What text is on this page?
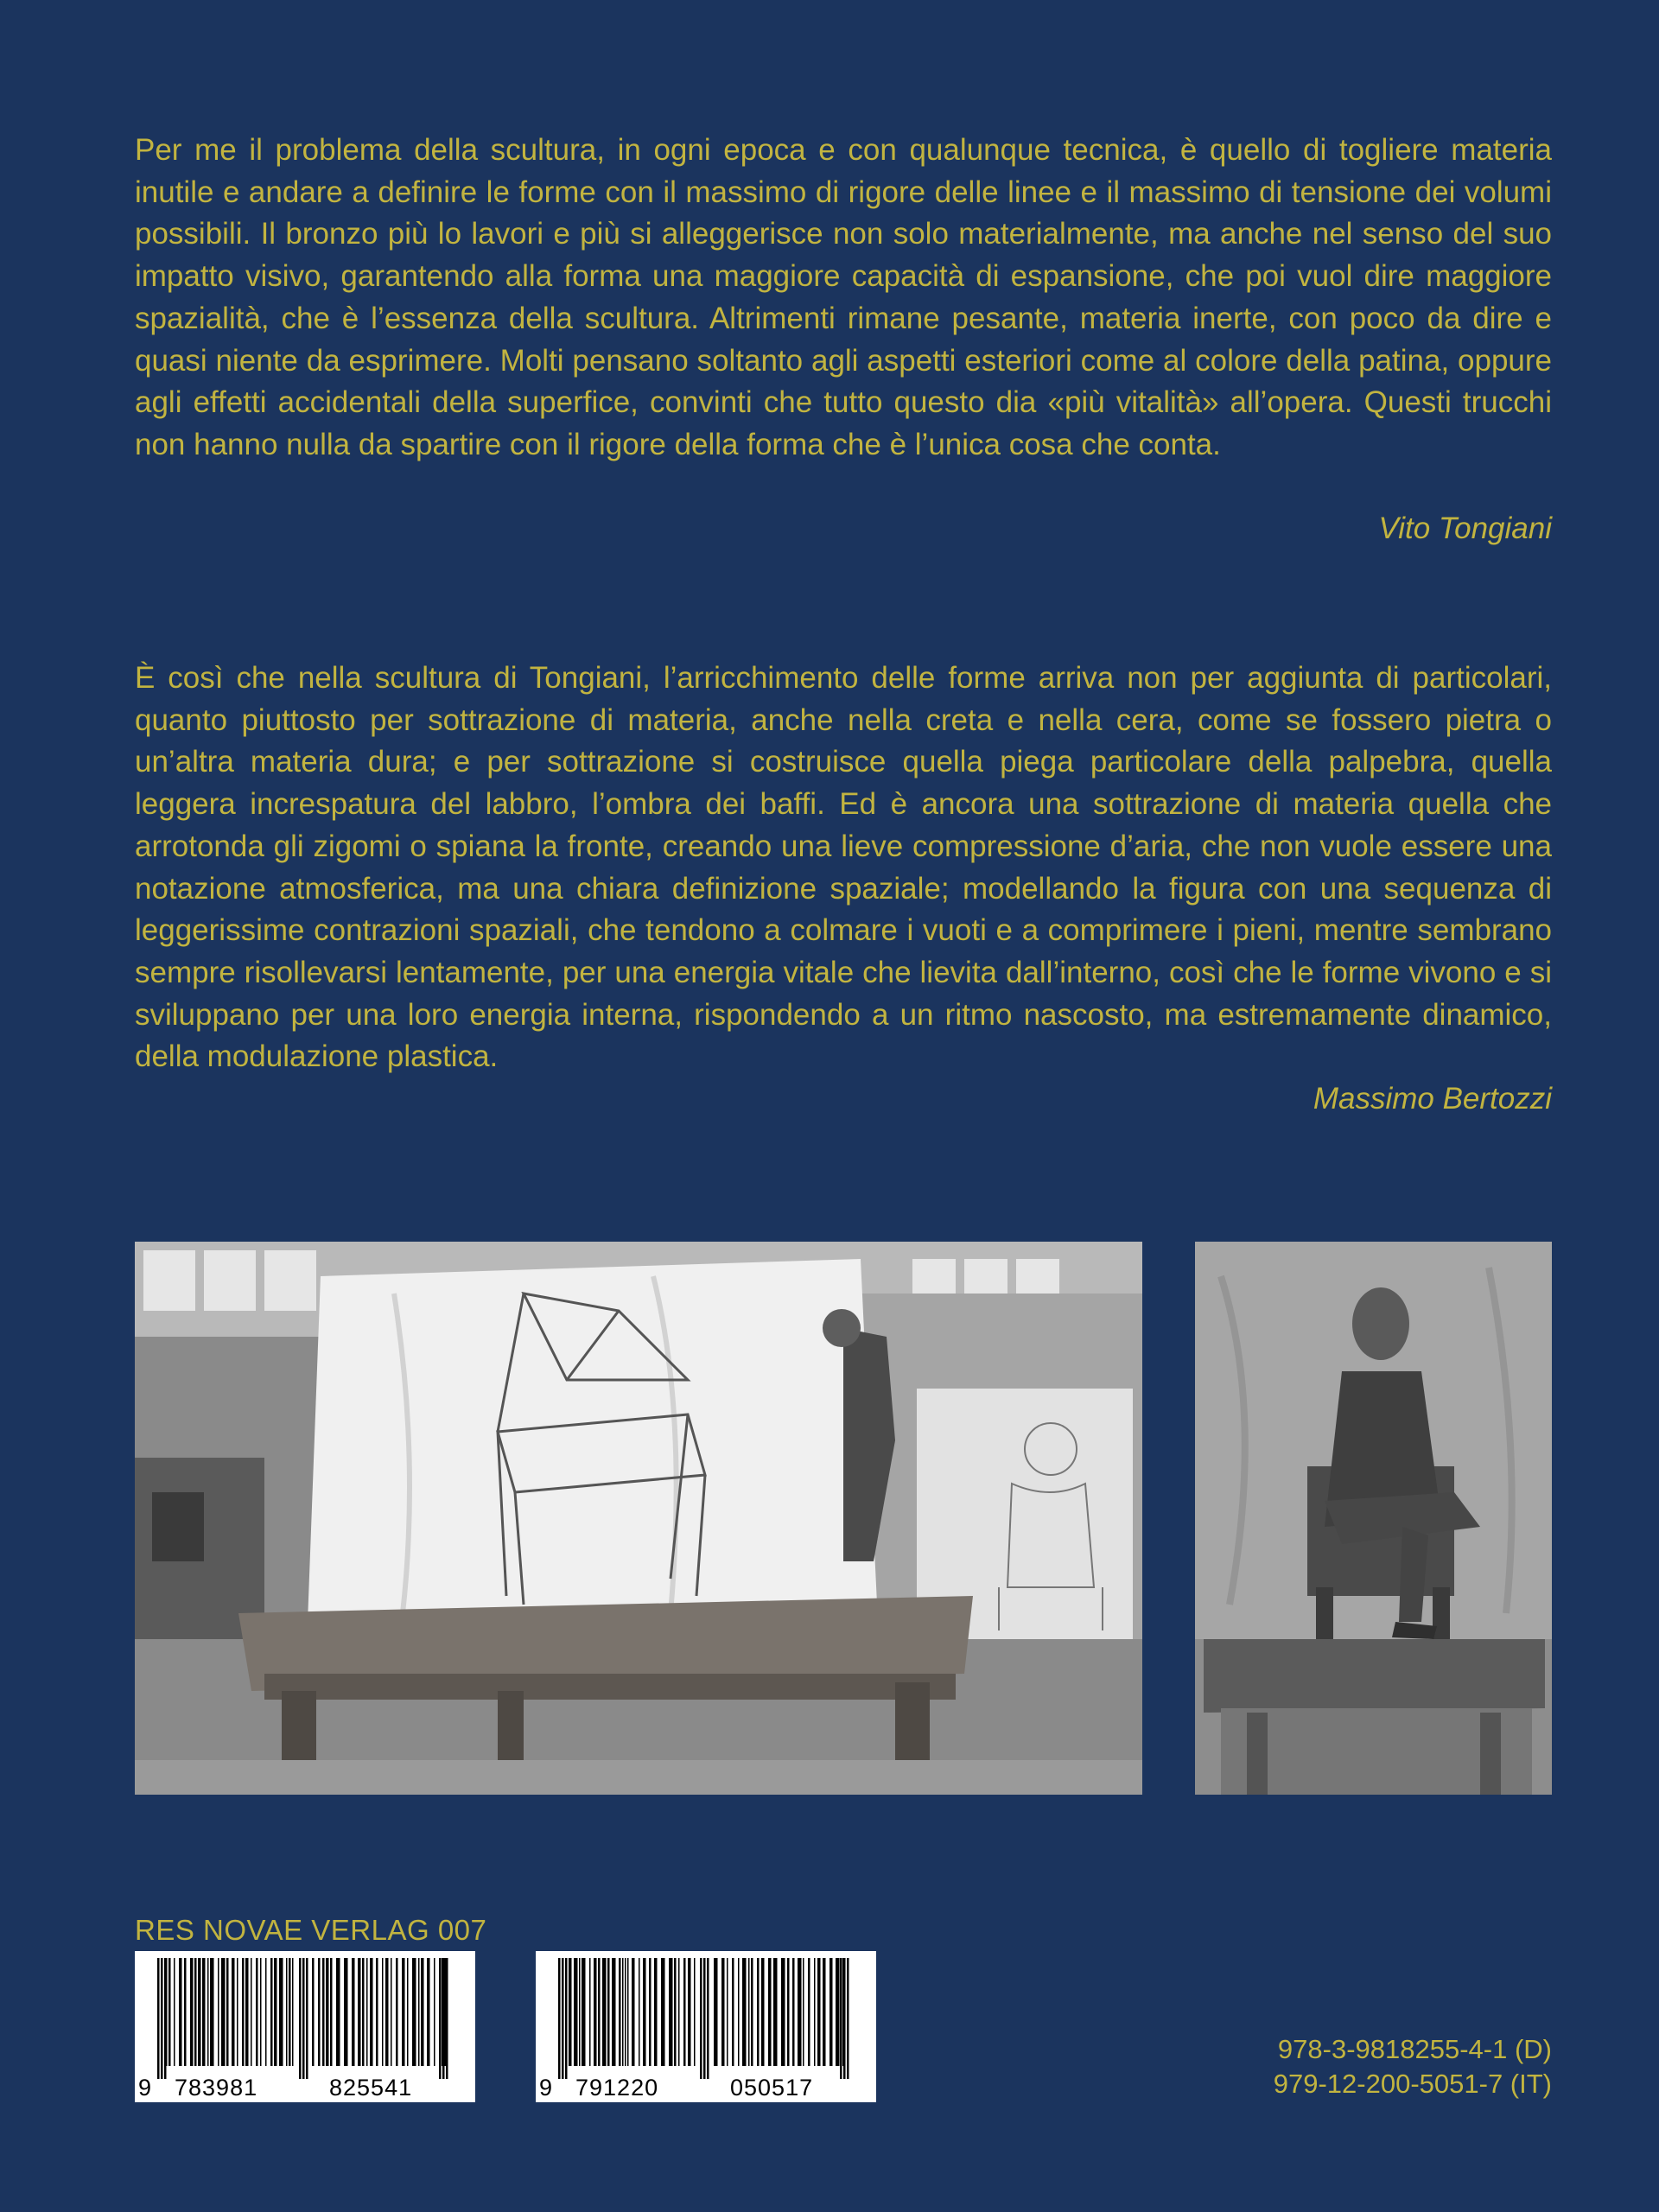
Per me il problema della scultura, in ogni epoca e con qualunque tecnica, è quello di togliere materia inutile e andare a definire le forme con il massimo di rigore delle linee e il massimo di tensione dei volumi possibili. Il bronzo più lo lavori e più si alleggerisce non solo materialmente, ma anche nel senso del suo impatto visivo, garantendo alla forma una maggiore capacità di espansione, che poi vuol dire maggiore spazialità, che è l’essenza della scultura. Altrimenti rimane pesante, materia inerte, con poco da dire e quasi niente da esprimere. Molti pensano soltanto agli aspetti esteriori come al colore della patina, oppure agli effetti accidentali della superfice, convinti che tutto questo dia «più vitalità» all’opera. Questi trucchi non hanno nulla da spartire con il rigore della forma che è l’unica cosa che conta.

Vito Tongiani

È così che nella scultura di Tongiani, l’arricchimento delle forme arriva non per aggiunta di particolari, quanto piuttosto per sottrazione di materia, anche nella creta e nella cera, come se fossero pietra o un’altra materia dura; e per sottrazione si costruisce quella piega particolare della palpebra, quella leggera increspatura del labbro, l’ombra dei baffi. Ed è ancora una sottrazione di materia quella che arrotonda gli zigomi o spiana la fronte, creando una lieve compressione d’aria, che non vuole essere una notazione atmosferica, ma una chiara definizione spaziale; modellando la figura con una sequenza di leggerissime contrazioni spaziali, che tendono a colmare i vuoti e a comprimere i pieni, mentre sembrano sempre risollevarsi lentamente, per una energia vitale che lievita dall’interno, così che le forme vivono e si sviluppano per una loro energia interna, rispondendo a un ritmo nascosto, ma estremamente dinamico, della modulazione plastica.

Massimo Bertozzi

RES NOVAE VERLAG 007
9 783981	825541	9 791220	050517
978-3-9818255-4-1 (D)
979-12-200-5051-7 (IT)
